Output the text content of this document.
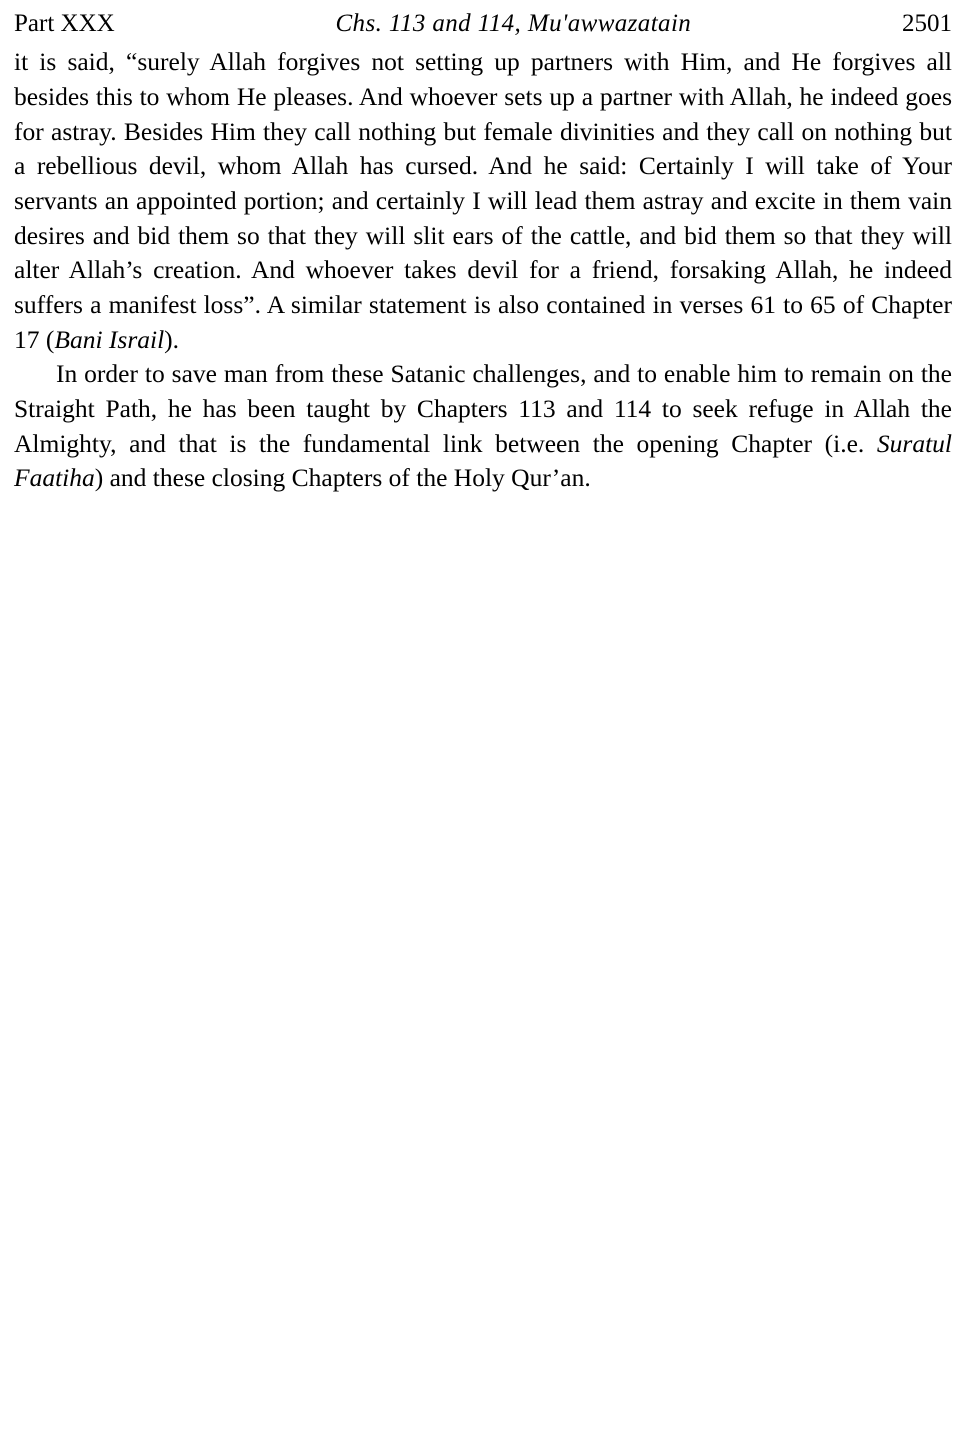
Part XXX	Chs. 113 and 114, Mu'awwazatain	2501

it is said, “surely Allah forgives not setting up partners with Him, and He forgives all besides this to whom He pleases. And whoever sets up a partner with Allah, he indeed goes for astray. Besides Him they call nothing but female divinities and they call on nothing but a rebellious devil, whom Allah has cursed. And he said: Certainly I will take of Your servants an appointed portion; and certainly I will lead them astray and excite in them vain desires and bid them so that they will slit ears of the cattle, and bid them so that they will alter Allah’s creation. And whoever takes devil for a friend, forsaking Allah, he indeed suffers a manifest loss”. A similar statement is also contained in verses 61 to 65 of Chapter 17 (Bani Israil).

In order to save man from these Satanic challenges, and to enable him to remain on the Straight Path, he has been taught by Chapters 113 and 114 to seek refuge in Allah the Almighty, and that is the fundamental link between the opening Chapter (i.e. Suratul Faatiha) and these closing Chapters of the Holy Qur’an.
